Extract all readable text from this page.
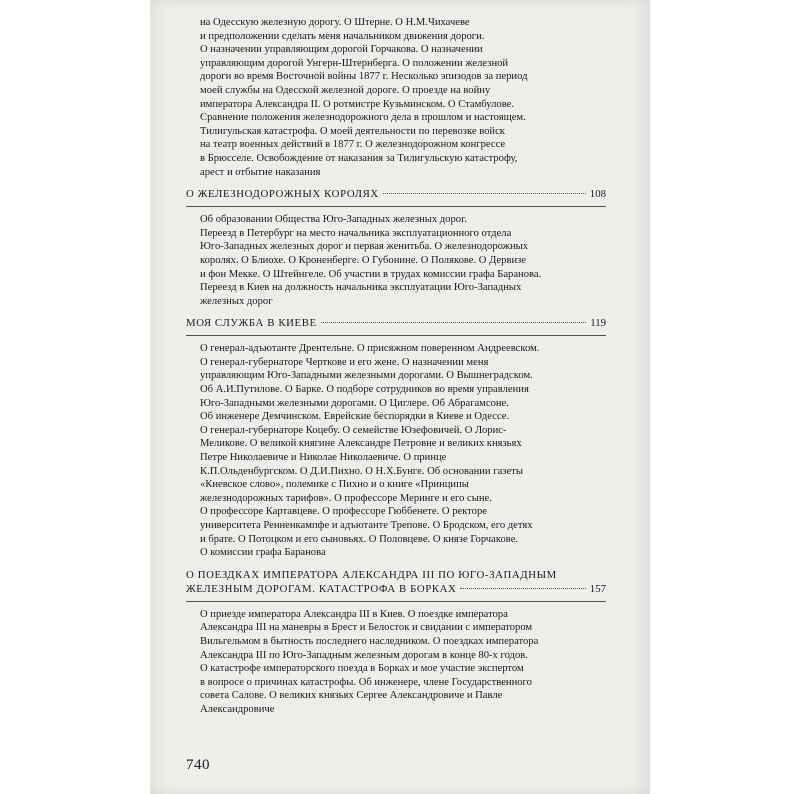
на Одесскую железную дорогу. О Штерне. О Н.М.Чихачеве
и предположении сделать меня начальником движения дороги.
О назначении управляющим дорогой Горчакова. О назначении
управляющим дорогой Унгерн-Штернберга. О положении железной
дороги во время Восточной войны 1877 г. Несколько эпизодов за период
моей службы на Одесской железной дороге. О проезде на войну
императора Александра II. О ротмистре Кузьминском. О Стамбулове.
Сравнение положения железнодорожного дела в прошлом и настоящем.
Тилигульская катастрофа. О моей деятельности по перевозке войск
на театр военных действий в 1877 г. О железнодорожном конгрессе
в Брюсселе. Освобождение от наказания за Тилигульскую катастрофу,
арест и отбытие наказания
О ЖЕЛЕЗНОДОРОЖНЫХ КОРОЛЯХ	108
Об образовании Общества Юго-Западных железных дорог.
Переезд в Петербург на место начальника эксплуатационного отдела
Юго-Западных железных дорог и первая женитьба. О железнодорожных
королях. О Блиохе. О Кроненберге. О Губонине. О Полякове. О Дервизе
и фон Мекке. О Штейнгеле. Об участии в трудах комиссии графа Баранова.
Переезд в Киев на должность начальника эксплуатации Юго-Западных
железных дорог
МОЯ СЛУЖБА В КИЕВЕ	119
О генерал-адъютанте Дрентельне. О присяжном поверенном Андреевском.
О генерал-губернаторе Черткове и его жене. О назначении меня
управляющим Юго-Западными железными дорогами. О Вышнеградском.
Об А.И.Путилове. О Барке. О подборе сотрудников во время управления
Юго-Западными железными дорогами. О Циглере. Об Абрагамсоне.
Об инженере Демчинском. Еврейские беспорядки в Киеве и Одессе.
О генерал-губернаторе Коцебу. О семействе Юзефовичей. О Лорис-
Меликове. О великой княгине Александре Петровне и великих князьях
Петре Николаевиче и Николае Николаевиче. О принце
К.П.Ольденбургском. О Д.И.Пихно. О Н.Х.Бунге. Об основании газеты
«Киевское слово», полемике с Пихно и о книге «Принципы
железнодорожных тарифов». О профессоре Меринге и его сыне.
О профессоре Картавцеве. О профессоре Гюббенете. О ректоре
университета Ренненкампфе и адъютанте Трепове. О Бродском, его детях
и брате. О Потоцком и его сыновьях. О Половцеве. О князе Горчакове.
О комиссии графа Баранова
О ПОЕЗДКАХ ИМПЕРАТОРА АЛЕКСАНДРА III ПО ЮГО-ЗАПАДНЫМ
ЖЕЛЕЗНЫМ ДОРОГАМ. КАТАСТРОФА В БОРКАХ	157
О приезде императора Александра III в Киев. О поездке императора
Александра III на маневры в Брест и Белосток и свидании с императором
Вильгельмом в бытность последнего наследником. О поездках императора
Александра III по Юго-Западным железным дорогам в конце 80-х годов.
О катастрофе императорского поезда в Борках и мое участие экспертом
в вопросе о причинах катастрофы. Об инженере, члене Государственного
совета Салове. О великих князьях Сергее Александровиче и Павле
Александровиче
740
